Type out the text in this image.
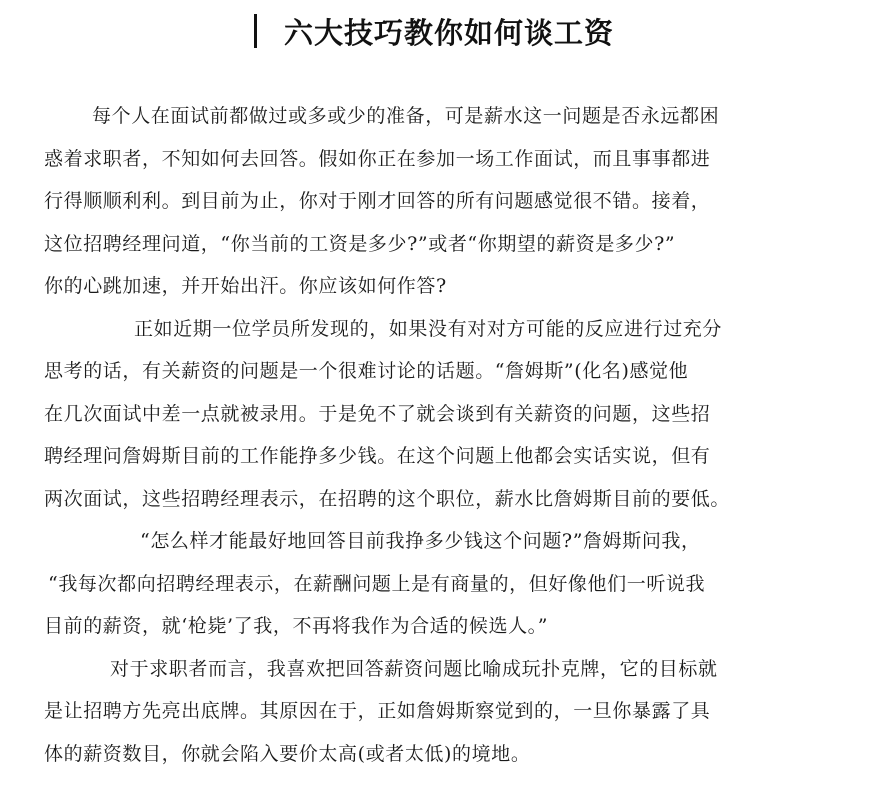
六大技巧教你如何谈工资
每个人在面试前都做过或多或少的准备，可是薪水这一问题是否永远都困
惑着求职者，不知如何去回答。假如你正在参加一场工作面试，而且事事都进
行得顺顺利利。到目前为止，你对于刚才回答的所有问题感觉很不错。接着，
这位招聘经理问道，“你当前的工资是多少?”或者“你期望的薪资是多少?”
你的心跳加速，并开始出汗。你应该如何作答?
正如近期一位学员所发现的，如果没有对对方可能的反应进行过充分
思考的话，有关薪资的问题是一个很难讨论的话题。“詹姆斯”(化名)感觉他
在几次面试中差一点就被录用。于是免不了就会谈到有关薪资的问题，这些招
聘经理问詹姆斯目前的工作能挣多少钱。在这个问题上他都会实话实说，但有
两次面试，这些招聘经理表示，在招聘的这个职位，薪水比詹姆斯目前的要低。
“怎么样才能最好地回答目前我挣多少钱这个问题?”詹姆斯问我，
“我每次都向招聘经理表示，在薪酬问题上是有商量的，但好像他们一听说我
目前的薪资，就‘枪毙’了我，不再将我作为合适的候选人。”
对于求职者而言，我喜欢把回答薪资问题比喻成玩扑克牌，它的目标就
是让招聘方先亮出底牌。其原因在于，正如詹姆斯察觉到的，一旦你暴露了具
体的薪资数目，你就会陷入要价太高(或者太低)的境地。
